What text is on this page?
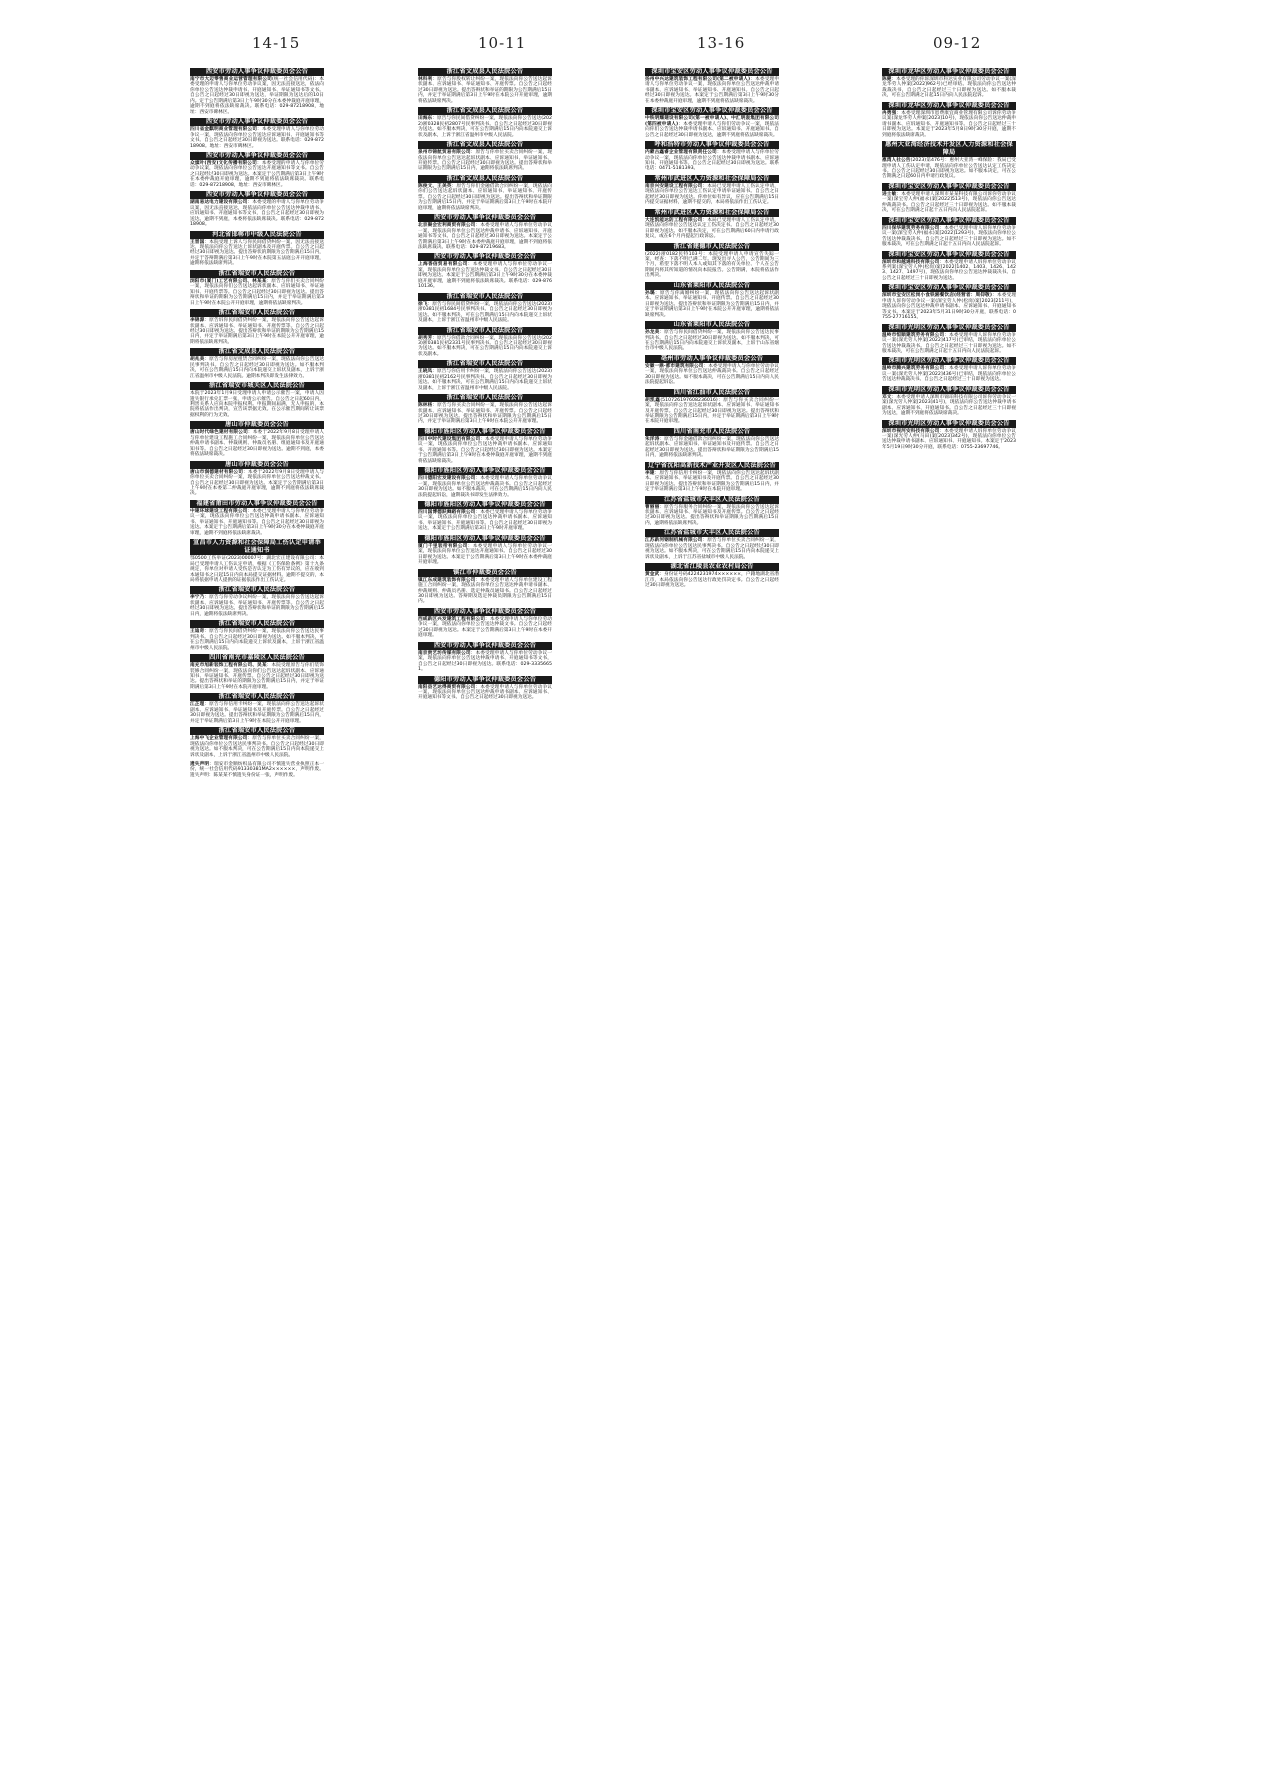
14-15	10-11	13-16	09-12
西安市劳动人事争议仲裁委员会公告
南宁市大迈零售商业运营管理有限公司(统一社会信用代码)：本委受理的申请人与你单位劳动争议案，因无法直接送达，依法向你单位公告送达仲裁申请书、开庭通知书、举证通知书等文书。自公告之日起经过30日即视为送达，举证期限为送达后的10日内。定于公告期满后第3日上午9时30分在本委仲裁庭开庭审理，逾期不到庭将依法缺席裁决。联系电话：029-87218908，地址：西安市碑林区。
西安市劳动人事争议仲裁委员会公告
四川省金麒明商业管理有限公司：本委受理申请人与你单位劳动争议一案，现依法向你单位公告送达应诉通知书、开庭通知书等文书。自公告之日起经过30日即视为送达。联系电话：029-87218908。地址：西安市碑林区。
西安市劳动人事争议仲裁委员会公告
众旗叶(西安)文化传播有限公司：本委受理的申请人与你单位劳动争议案，现依法向你单位公告送达开庭通知书等文书。自公告之日起经过30日即视为送达。本案定于公告期满后第3日上午9时在本委仲裁庭开庭审理，逾期不到庭将依法缺席裁决。联系电话：029-87218908，地址：西安市碑林区。
西安市劳动人事争议仲裁委员会公告
湖南易达电力建设有限公司：本委受理的申请人与你单位劳动争议案，因无法直接送达，现依法向你单位公告送达仲裁申请书、应诉通知书、开庭通知书等文书，自公告之日起经过30日即视为送达。逾期不到庭，本委将依法缺席裁决。联系电话：029-87218908。
河北省邯郸市中级人民法院公告
王晋国：本院受理上诉人与你民间借贷纠纷一案，因无法直接送达，现依法向你公告送达上诉状副本及开庭传票。自公告之日起经过30日即视为送达。提出答辩状的期限为公告期满后15日内，并定于答辩期满后第3日上午9时在本院第五法庭公开开庭审理，逾期将依法缺席判决。
浙江省瑞安市人民法院公告
浏阳市(厦门)工艺有限公司、林某某：原告与你们买卖合同纠纷一案，现依法向你们公告送达起诉状副本、应诉通知书、举证通知书、开庭传票等。自公告之日起经过30日即视为送达。提出答辩状和举证的期限为公告期满后15日内，并定于举证期满后第3日上午9时在本院公开开庭审理，逾期将依法缺席判决。
浙江省瑞安市人民法院公告
李锦源：原告诉你民间借贷纠纷一案，现依法向你公告送达起诉状副本、应诉通知书、举证通知书、开庭传票等。自公告之日起经过30日即视为送达。提出答辩状和举证的期限为公告期满后15日内，并定于举证期满后第3日上午9时在本院公开开庭审理，逾期将依法缺席判决。
浙江省文成县人民法院公告
胡兆美：原告与你房屋租赁合同纠纷一案，现依法向你公告送达民事判决书。自公告之日起经过30日即视为送达。如不服本判决，可在公告期满后15日内向本院递交上诉状及副本，上诉于浙江省温州市中级人民法院。逾期本判决即发生法律效力。
浙江省瑞安市城关区人民法院公告
本院于2023年1月9日受理申请人申请公示催告一案，申请人因遗失银行承兑汇票一张，申请公示催告。自公告之日起60日内，利害关系人应向本院申报权利。申报期间届满，无人申报的，本院将依法作出判决，宣告该票据无效。在公示催告期间转让该票据权利的行为无效。
唐山市仲裁委员会公告
唐山时代绿色建材有限公司：本委于2022年9月8日受理申请人与你单位建设工程施工合同纠纷一案，现依法向你单位公告送达仲裁申请书副本、仲裁规则、仲裁员名册、组庭通知书及开庭通知书等。自公告之日起经过30日即视为送达。逾期不到庭，本委将依法缺席裁决。
唐山市仲裁委员会公告
唐山市润德建材有限公司：本委于2022年9月8日受理申请人与你单位买卖合同纠纷一案，现依法向你单位公告送达仲裁文书。自公告之日起经过30日即视为送达。本案定于公告期满后第3日上午9时在本委第二仲裁庭开庭审理，逾期不到庭将依法缺席裁决。
福建省莆田市劳动人事争议仲裁委员会公告
中建环球建设工程有限公司：本委已受理申请人与你单位劳动争议一案，现依法向你单位公告送达仲裁申请书副本、应诉通知书、举证通知书、开庭通知书等。自公告之日起经过30日即视为送达。本案定于公告期满后第3日上午9时30分在本委仲裁庭开庭审理，逾期不到庭将依法缺席裁决。
宣昌市人力资源和社会保障局工伤认定申请举证通知书
鄂0500工伤举证(2023)00007号：湖北宏正建设有限公司：本局已受理申请人工伤认定申请，根据《工伤保险条例》第十九条规定，你单位对申请人受伤是否认定为工伤有异议的，应在收到本通知书之日起15日内向本局提交证据材料。逾期不提交的，本局将依据申请人提供的证据依法作出工伤认定。
浙江省瑞安市人民法院公告
李宁乃：原告与你劳动争议纠纷一案，现依法向你公告送达起诉状副本、应诉通知书、举证通知书、开庭传票等。自公告之日起经过30日即视为送达。提出答辩状和举证的期限为公告期满后15日内，逾期将依法缺席判决。
浙江省瑞安市人民法院公告
王迪奇：原告与你民间借贷纠纷一案，现依法向你公告送达民事判决书。自公告之日起经过30日即视为送达。如不服本判决，可在公告期满后15日内向本院递交上诉状及副本，上诉于浙江省温州市中级人民法院。
四川省南充市嘉陵区人民法院公告
南充市旭新装饰工程有限公司、吴某：本院受理原告与你们装饰装修合同纠纷一案，现依法向你们公告送达起诉状副本、应诉通知书、举证通知书、开庭传票。自公告之日起经过30日即视为送达。提出答辩状和举证的期限为公告期满后15日内，并定于举证期满后第3日上午9时在本院开庭审理。
浙江省瑞安市人民法院公告
江芷理：原告与你信用卡纠纷一案，现依法向你公告送达起诉状副本、应诉通知书、举证通知书及开庭传票。自公告之日起经过30日即视为送达。提出答辩状和举证期限为公告期满后15日内，并定于举证期满后第3日上午9时在本院公开开庭审理。
浙江省瑞安市人民法院公告
上海中飞企业管理有限公司：原告与你单位买卖合同纠纷一案，现依法向你单位公告送达民事判决书。自公告之日起经过30日即视为送达。如不服本判决，可在公告期满后15日内向本院递交上诉状及副本，上诉于浙江省温州市中级人民法院。
遗失声明：瑞安市金顺纺织品有限公司不慎遗失营业执照正本一份，统一社会信用代码91330381MA2××××××，声明作废。遗失声明：陈某某不慎遗失身份证一张，声明作废。
浙江省文成县人民法院公告
林科利：原告与你股权转让纠纷一案，现依法向你公告送达起诉状副本、应诉通知书、举证通知书、开庭传票。自公告之日起经过30日即视为送达。提出答辩状和举证的期限为公告期满后15日内，并定于举证期满后第3日上午9时在本院公开开庭审理，逾期将依法缺席判决。
浙江省文成县人民法院公告
田海东：原告与你民间借贷纠纷一案，现依法向你公告送达(2022)浙0328民初2807号民事判决书。自公告之日起经过30日即视为送达。如不服本判决，可在公告期满后15日内向本院递交上诉状及副本，上诉于浙江省温州市中级人民法院。
浙江省文成县人民法院公告
泉州市锦航贸易有限公司：原告与你单位买卖合同纠纷一案，现依法向你单位公告送达起诉状副本、应诉通知书、举证通知书、开庭传票。自公告之日起经过30日即视为送达。提出答辩状和举证期限为公告期满后15日内，逾期将依法缺席判决。
浙江省文成县人民法院公告
陈俊文、王美英：原告与你们金融借款合同纠纷一案，现依法向你们公告送达起诉状副本、应诉通知书、举证通知书、开庭传票。自公告之日起经过30日即视为送达。提出答辩状和举证期限为公告期满后15日内，并定于举证期满后第3日上午9时在本院开庭审理，逾期将依法缺席判决。
西安市劳动人事争议仲裁委员会公告
北京聚会宏利商贸有限公司：本委受理申请人与你单位劳动争议一案，现依法向你单位公告送达仲裁申请书、应诉通知书、开庭通知书等文书。自公告之日起经过30日即视为送达。本案定于公告期满后第3日上午9时在本委仲裁庭开庭审理，逾期不到庭将依法缺席裁决。联系电话：029-87219683。
西安市劳动人事争议仲裁委员会公告
上海香信贸易有限公司：本委受理申请人与你单位劳动争议一案，现依法向你单位公告送达仲裁文书。自公告之日起经过30日即视为送达。本案定于公告期满后第3日上午9时30分在本委仲裁庭开庭审理，逾期不到庭将依法缺席裁决。联系电话：029-87610136。
浙江省瑞安市人民法院公告
徐飞：原告与你民间借贷纠纷一案，现依法向你公告送达(2023)浙0381民初1684号民事判决书。自公告之日起经过30日即视为送达。如不服本判决，可在公告期满后15日内向本院递交上诉状及副本，上诉于浙江省温州市中级人民法院。
浙江省瑞安市人民法院公告
胡秀芳：原告与你借款合同纠纷一案，现依法向你公告送达(2023)浙0381民初2331号民事判决书。自公告之日起经过30日即视为送达。如不服本判决，可在公告期满后15日内向本院递交上诉状及副本。
浙江省瑞安市人民法院公告
王晓凤：原告与你信用卡纠纷一案，现依法向你公告送达(2023)浙0381民初2162号民事判决书。自公告之日起经过30日即视为送达。如不服本判决，可在公告期满后15日内向本院递交上诉状及副本，上诉于浙江省温州市中级人民法院。
浙江省瑞安市人民法院公告
陈林杨：原告与你买卖合同纠纷一案，现依法向你公告送达起诉状副本、应诉通知书、举证通知书、开庭传票。自公告之日起经过30日即视为送达。提出答辩状和举证期限为公告期满后15日内，并定于举证期满后第3日上午9时在本院公开开庭审理。
德阳市旌阳区劳动人事争议仲裁委员会公告
四川中时代建设集团有限公司：本委受理申请人与你单位劳动争议一案，现依法向你单位公告送达仲裁申请书副本、应诉通知书、开庭通知书等。自公告之日起经过30日即视为送达。本案定于公告期满后第3日上午9时在本委仲裁庭开庭审理，逾期不到庭将依法缺席裁决。
德阳市旌阳区劳动人事争议仲裁委员会公告
四川德阳宏发建设有限公司：本委受理申请人与你单位劳动争议一案，现依法向你单位公告送达仲裁裁决书。自公告之日起经过30日即视为送达。如不服本裁决，可在公告期满后15日内向人民法院提起诉讼，逾期裁决书即发生法律效力。
德阳市旌阳区劳动人事争议仲裁委员会公告
四川国博德跃舞蹈有限公司：本委已受理申请人与你单位劳动争议一案，现依法向你单位公告送达仲裁申请书副本、应诉通知书、举证通知书、开庭通知书等。自公告之日起经过30日即视为送达，本案定于公告期满后第3日上午9时开庭审理。
德阳市旌阳区劳动人事争议仲裁委员会公告
厦门千里装帝有限公司：本委受理申请人与你单位劳动争议一案，现依法向你单位公告送达开庭通知书。自公告之日起经过30日即视为送达。本案定于公告期满后第3日上午9时在本委仲裁庭开庭审理。
镇江市仲裁委员会公告
镇江东成建筑装饰有限公司：本委受理申请人与你单位建设工程施工合同纠纷一案，现依法向你单位公告送达仲裁申请书副本、仲裁规则、仲裁员名册、选定仲裁员通知书。自公告之日起经过30日即视为送达。答辩期及选定仲裁员期限为公告期满后15日内。
西安市劳动人事争议仲裁委员会公告
西咸新区兴发建筑工程有限公司：本委受理申请人与你单位劳动争议一案，现依法向你单位公告送达仲裁文书。自公告之日起经过30日即视为送达。本案定于公告期满后第3日上午9时在本委开庭审理。
西安市劳动人事争议仲裁委员会公告
南京贵艺坊传媒有限公司：本委受理申请人与你单位劳动争议一案，现依法向你单位公告送达仲裁申请书、开庭通知书等文书，自公告之日起经过30日即视为送达。联系电话：029-33356651。
德阳市劳动人事争议仲裁委员会公告
南阳县艺达得商贸有限公司：本委受理申请人与你单位劳动争议一案，现依法向你单位公告送达仲裁申请书副本、应诉通知书、开庭通知书等文书。自公告之日起经过30日即视为送达。
深圳市宝安区劳动人事争议仲裁委员会公告
扬州中兴达建筑装饰工程有限公司(第二被申请人)：本委受理申请人与你单位劳动争议一案，现依法向你单位公告送达仲裁申请书副本、应诉通知书、举证通知书、开庭通知书。自公告之日起经过30日即视为送达。本案定于公告期满后第3日上午9时30分在本委仲裁庭开庭审理，逾期不到庭将依法缺席裁决。
深圳市宝安区劳动人事争议仲裁委员会公告
中铁明耀建设有限公司(第一被申请人)、中汇明轰集团有限公司(第四被申请人)：本委受理申请人与你们劳动争议一案，现依法向你们公告送达仲裁申请书副本、应诉通知书、开庭通知书。自公告之日起经过30日即视为送达，逾期不到庭将依法缺席裁决。
呼和浩特市劳动人事争议仲裁委员会公告
内蒙古鑫睿企业管理有限责任公司：本委受理申请人与你单位劳动争议一案，现依法向你单位公告送达仲裁申请书副本、应诉通知书、开庭通知书等。自公告之日起经过30日即视为送达。联系电话：0471-5181393。
常州市武进区人力资源和社会保障局公告
南京兴安建设工程有限公司：本局已受理申请人工伤认定申请，现依法向你单位公告送达工伤认定申请举证通知书。自公告之日起经过30日即视为送达。你单位如有异议，应在公告期满后15日内提交证据材料，逾期不提交的，本局将依法作出工伤认定。
常州市武进区人力资源和社会保障局公告
大连凯能达防工程有限公司：本局已受理申请人工伤认定申请，现依法向你单位公告送达认定工伤决定书。自公告之日起经过30日即视为送达。如不服本决定，可在公告期满后60日内申请行政复议，或在6个月内提起行政诉讼。
浙江省建德市人民法院公告
(2022)浙0182民特103号：本院受理申请人申请宣告失踪一案，经查：下落不明已满二年。现发出寻人公告，公告期间为三个月，希望下落不明人本人或知其下落的有关单位、个人在公告期间内将其所知道的情况向本院报告。公告期满，本院将依法作出判决。
山东省莱阳市人民法院公告
孙璐：原告与你离婚纠纷一案，现依法向你公告送达起诉状副本、应诉通知书、举证通知书、开庭传票。自公告之日起经过30日即视为送达。提出答辩状和举证期限为公告期满后15日内，并定于举证期满后第3日上午9时在本院公开开庭审理，逾期将依法缺席判决。
山东省莱阳市人民法院公告
孙龙美：原告与你民间借贷纠纷一案，现依法向你公告送达民事判决书。自公告之日起经过30日即视为送达。如不服本判决，可在公告期满后15日内向本院递交上诉状及副本，上诉于山东省烟台市中级人民法院。
亳州市劳动人事争议仲裁委员会公告
安徽一鼎·都市建筑有限公司：本委受理申请人与你单位劳动争议一案，现依法向你单位公告送达仲裁裁决书。自公告之日起经过30日即视为送达。如不服本裁决，可在公告期满后15日内向人民法院提起诉讼。
四川省江油市人民法院公告
胡凯鑫(510726197608236016)：原告与你买卖合同纠纷一案，现依法向你公告送达起诉状副本、应诉通知书、举证通知书及开庭传票。自公告之日起经过30日即视为送达。提出答辩状和举证期限为公告期满后15日内，并定于举证期满后第3日上午9时在本院开庭审理。
四川省南充市人民法院公告
朱洋涛：原告与你金融借款合同纠纷一案，现依法向你公告送达起诉状副本、应诉通知书、举证通知书及开庭传票。自公告之日起经过30日即视为送达。提出答辩状和举证期限为公告期满后15日内，逾期将依法缺席判决。
辽宁省沈阳高新技术产业开发区人民法院公告
李建：原告与你信用卡纠纷一案，现依法向你公告送达起诉状副本、应诉通知书、举证通知书及开庭传票。自公告之日起经过30日即视为送达。提出答辩状和举证期限为公告期满后15日内，并定于举证期满后第3日上午9时在本院开庭审理。
江苏省盐城市大丰区人民法院公告
曹丽丽：原告与你服务合同纠纷一案，现依法向你公告送达起诉状副本、应诉通知书、举证通知书及开庭传票。自公告之日起经过30日即视为送达。提出答辩状和举证期限为公告期满后15日内，逾期将依法缺席判决。
江苏省盐城市大丰区人民法院公告
江苏新河钢制机械有限公司：原告与你单位买卖合同纠纷一案，现依法向你单位公告送达民事判决书。自公告之日起经过30日即视为送达。如不服本判决，可在公告期满后15日内向本院递交上诉状及副本，上诉于江苏省盐城市中级人民法院。
湖北省江陵县农业农村局公告
黄金武：身份证号码4224231974××××××，户籍地湖北省潜江市，本局依法向你公告送达行政处罚决定书。自公告之日起经过30日即视为送达。
深圳市龙华区劳动人事争议仲裁委员会公告
陈健：本委受理的你诉深圳市科达实业有限公司劳动争议一案(深龙华劳人仲案[2022]962号)已经审结。现依法向你公告送达仲裁裁决书，自公告之日起经过三十日即视为送达。如不服本裁决，可在公告期满之日起15日内向人民法院起诉。
深圳市龙华区劳动人事争议仲裁委员会公告
冉勇强：本委受理深圳市恩费康宜商业管理有限公司诉你劳动争议案(深龙华劳人仲案[2023]10号)，现依法向你公告送达仲裁申请书副本、应诉通知书、开庭通知书等。自公告之日起经过三十日即视为送达。本案定于2023年5月8日9时30分开庭，逾期不到庭将依法缺席裁决。
惠州大亚湾经济技术开发区人力资源和社会保障局
惠湾人社公告(2023)第476号：惠州大亚湾一峰保险：我局已受理申请人工伤认定申请，现依法向你单位公告送达认定工伤决定书。自公告之日起经过30日即视为送达。如不服本决定，可在公告期满之日起60日内申请行政复议。
深圳市宝安区劳动人事争议仲裁委员会公告
进士敏：本委受理申请人深圳市某某科技有限公司诉你劳动争议一案(深宝劳人仲(福永)案[2022]513号)，现依法向你公告送达仲裁裁决书。自公告之日起经过三十日即视为送达。如不服本裁决，可在公告期满之日起十五日内向人民法院起诉。
深圳市宝安区劳动人事争议仲裁委员会公告
四川保华建筑劳务有限公司：本委已受理申请人诉你单位劳动争议一案(深宝劳人仲(福永)案[2022]1293号)，现依法向你单位公告送达仲裁裁决书。自公告之日起经过三十日即视为送达。如不服本裁决，可在公告期满之日起十五日内向人民法院起诉。
深圳市宝安区劳动人事争议仲裁委员会公告
深圳市和越通科技有限公司：本委受理申请人诉你单位劳动争议系列案(深宝劳人仲(松岗)案[2022]1402、1403、1426、1423、1427、1497号)，现依法向你单位公告送达仲裁裁决书。自公告之日起经过三十日即视为送达。
深圳市宝安区劳动人事争议仲裁委员会公告
深圳市宝安区松岗小食铁湘餐饮店(经营者：周仰敬)：本委受理申请人诉你劳动争议一案(深宝劳人仲(松岗)案[2023]211号)，现依法向你公告送达仲裁申请书副本、应诉通知书、开庭通知书等文书。本案定于2023年5月31日9时30分开庭，联系电话：0755-27716155。
深圳市光明区劳动人事争议仲裁委员会公告
温岭市恒顺建筑劳务有限公司：本委受理申请人诉你单位劳动争议一案(深光劳人仲案[2022]417号)已审结，现依法向你单位公告送达仲裁裁决书。自公告之日起经过三十日即视为送达。如不服本裁决，可在公告期满之日起十五日内向人民法院起诉。
深圳市光明区劳动人事争议仲裁委员会公告
温岭市腾兴建筑劳务有限公司：本委受理申请人诉你单位劳动争议一案(深光劳人仲案[2022]436号)已审结，现依法向你单位公告送达仲裁裁决书。自公告之日起经过三十日即视为送达。
深圳市光明区劳动人事争议仲裁委员会公告
邓文：本委受理申请人深圳市锦珀科技有限公司诉你劳动争议一案(深光劳人仲案[2023]41号)，现依法向你公告送达仲裁申请书副本、应诉通知书、开庭通知书。自公告之日起经过三十日即视为送达，逾期不到庭将依法缺席裁决。
深圳市光明区劳动人事争议仲裁委员会公告
深圳市视河安科技有限公司：本委受理申请人诉你单位劳动争议一案(深光劳人仲(马田)案[2023]342号)，现依法向你单位公告送达仲裁申请书副本、应诉通知书、开庭通知书。本案定于2023年5月19日9时30分开庭，联系电话：0755-23697746。
